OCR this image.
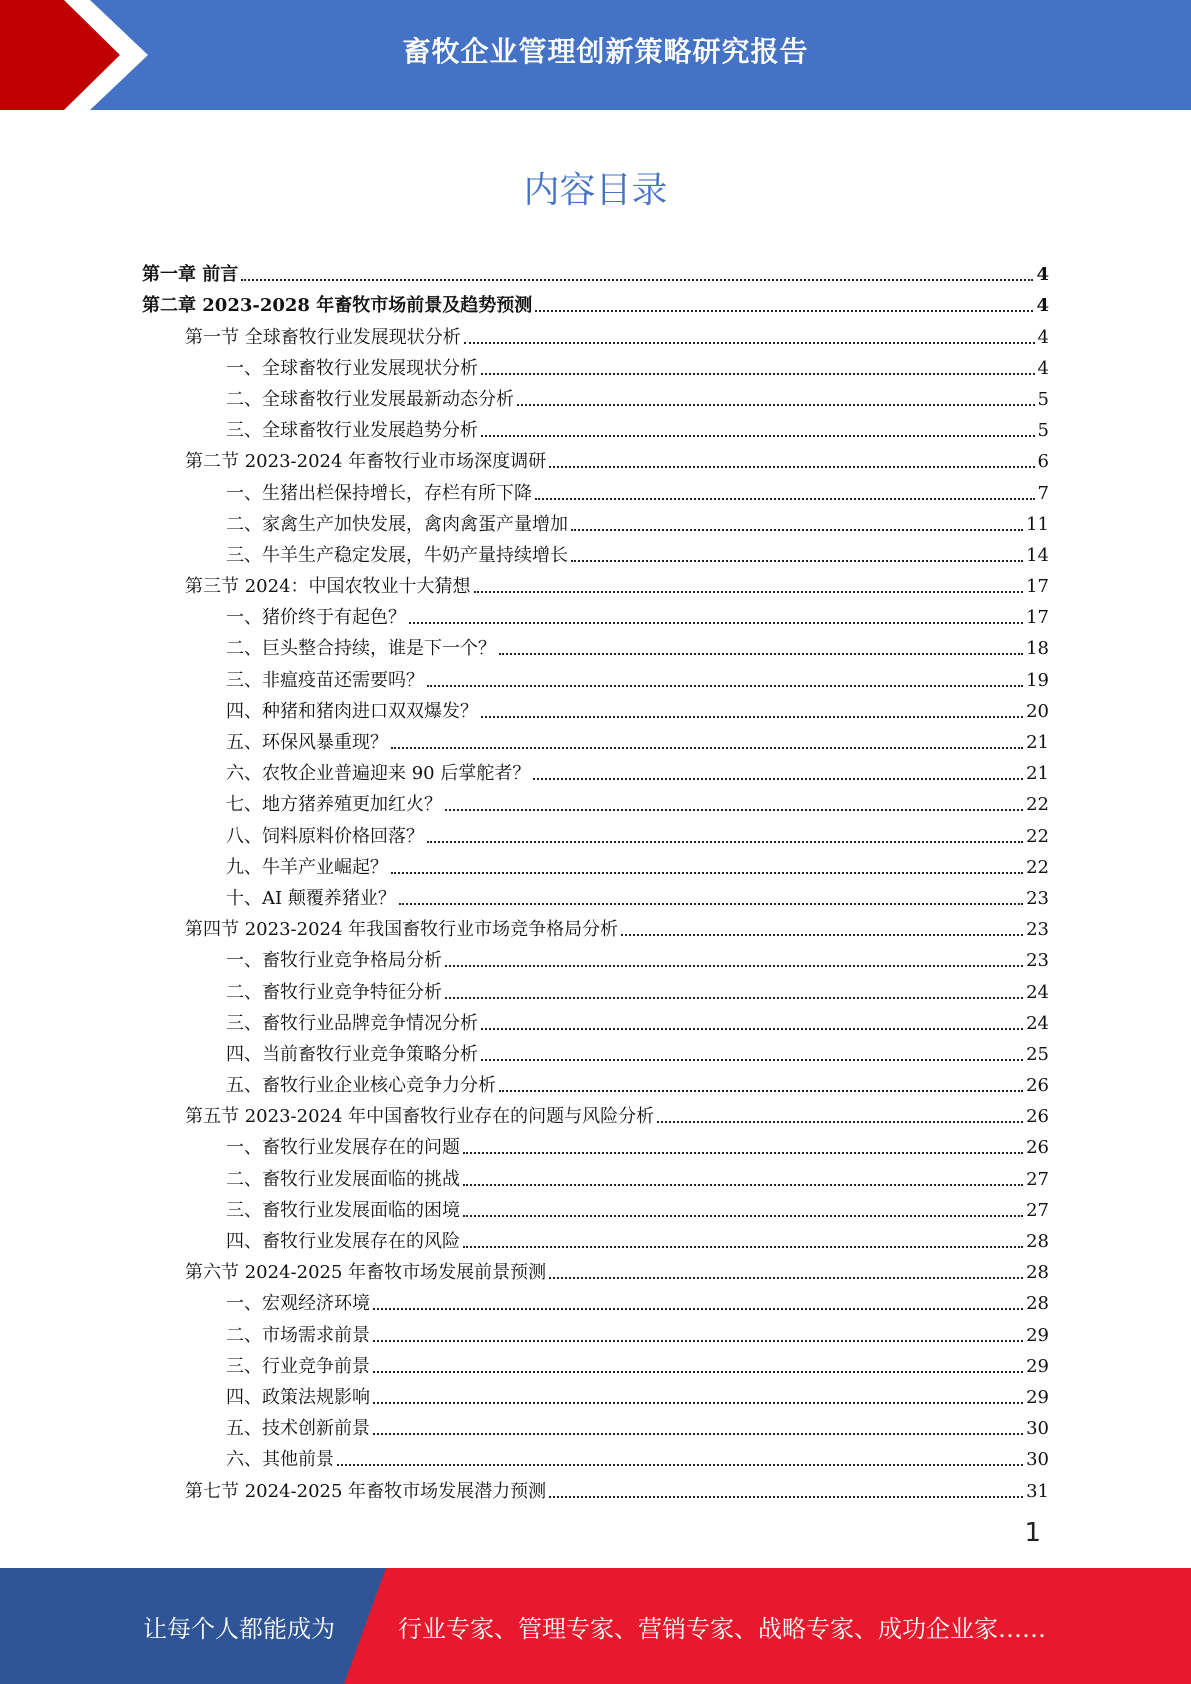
畜牧企业管理创新策略研究报告
内容目录
第一章 前言	4
第二章 2023-2028 年畜牧市场前景及趋势预测	4
第一节 全球畜牧行业发展现状分析	4
一、全球畜牧行业发展现状分析	4
二、全球畜牧行业发展最新动态分析	5
三、全球畜牧行业发展趋势分析	5
第二节 2023-2024 年畜牧行业市场深度调研	6
一、生猪出栏保持增长，存栏有所下降	7
二、家禽生产加快发展，禽肉禽蛋产量增加	11
三、牛羊生产稳定发展，牛奶产量持续增长	14
第三节 2024：中国农牧业十大猜想	17
一、猪价终于有起色？	17
二、巨头整合持续，谁是下一个？	18
三、非瘟疫苗还需要吗？	19
四、种猪和猪肉进口双双爆发？	20
五、环保风暴重现？	21
六、农牧企业普遍迎来 90 后掌舵者？	21
七、地方猪养殖更加红火？	22
八、饲料原料价格回落？	22
九、牛羊产业崛起？	22
十、AI 颠覆养猪业？	23
第四节 2023-2024 年我国畜牧行业市场竞争格局分析	23
一、畜牧行业竞争格局分析	23
二、畜牧行业竞争特征分析	24
三、畜牧行业品牌竞争情况分析	24
四、当前畜牧行业竞争策略分析	25
五、畜牧行业企业核心竞争力分析	26
第五节 2023-2024 年中国畜牧行业存在的问题与风险分析	26
一、畜牧行业发展存在的问题	26
二、畜牧行业发展面临的挑战	27
三、畜牧行业发展面临的困境	27
四、畜牧行业发展存在的风险	28
第六节 2024-2025 年畜牧市场发展前景预测	28
一、宏观经济环境	28
二、市场需求前景	29
三、行业竞争前景	29
四、政策法规影响	29
五、技术创新前景	30
六、其他前景	30
第七节 2024-2025 年畜牧市场发展潜力预测	31
1
让每个人都能成为	行业专家、管理专家、营销专家、战略专家、成功企业家……
